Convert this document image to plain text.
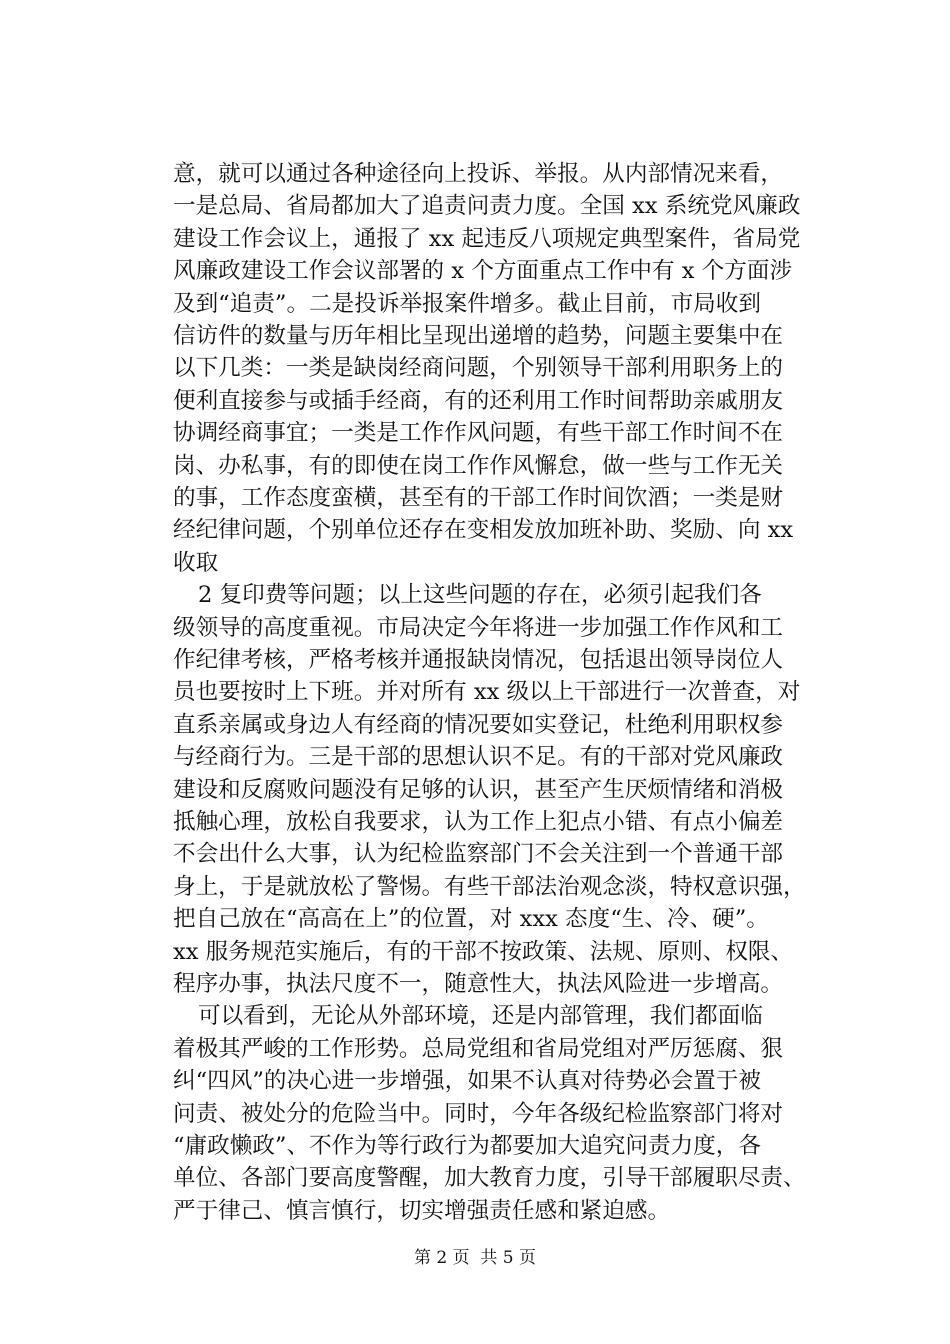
意，就可以通过各种途径向上投诉、举报。从内部情况来看，
一是总局、省局都加大了追责问责力度。全国 xx 系统党风廉政
建设工作会议上，通报了 xx 起违反八项规定典型案件，省局党
风廉政建设工作会议部署的 x 个方面重点工作中有 x 个方面涉
及到“追责”。二是投诉举报案件增多。截止目前，市局收到
信访件的数量与历年相比呈现出递增的趋势，问题主要集中在
以下几类：一类是缺岗经商问题，个别领导干部利用职务上的
便利直接参与或插手经商，有的还利用工作时间帮助亲戚朋友
协调经商事宜；一类是工作作风问题，有些干部工作时间不在
岗、办私事，有的即使在岗工作作风懈怠，做一些与工作无关
的事，工作态度蛮横，甚至有的干部工作时间饮酒；一类是财
经纪律问题，个别单位还存在变相发放加班补助、奖励、向 xx
收取
2 复印费等问题；以上这些问题的存在，必须引起我们各
级领导的高度重视。市局决定今年将进一步加强工作作风和工
作纪律考核，严格考核并通报缺岗情况，包括退出领导岗位人
员也要按时上下班。并对所有 xx 级以上干部进行一次普查，对
直系亲属或身边人有经商的情况要如实登记，杜绝利用职权参
与经商行为。三是干部的思想认识不足。有的干部对党风廉政
建设和反腐败问题没有足够的认识，甚至产生厌烦情绪和消极
抵触心理，放松自我要求，认为工作上犯点小错、有点小偏差
不会出什么大事，认为纪检监察部门不会关注到一个普通干部
身上，于是就放松了警惕。有些干部法治观念淡，特权意识强，
把自己放在“高高在上”的位置，对 xxx 态度“生、冷、硬”。
xx 服务规范实施后，有的干部不按政策、法规、原则、权限、
程序办事，执法尺度不一，随意性大，执法风险进一步增高。
可以看到，无论从外部环境，还是内部管理，我们都面临
着极其严峻的工作形势。总局党组和省局党组对严厉惩腐、狠
纠“四风”的决心进一步增强，如果不认真对待势必会置于被
问责、被处分的危险当中。同时，今年各级纪检监察部门将对
“庸政懒政”、不作为等行政行为都要加大追究问责力度，各
单位、各部门要高度警醒，加大教育力度，引导干部履职尽责、
严于律己、慎言慎行，切实增强责任感和紧迫感。
第 2 页  共 5 页
